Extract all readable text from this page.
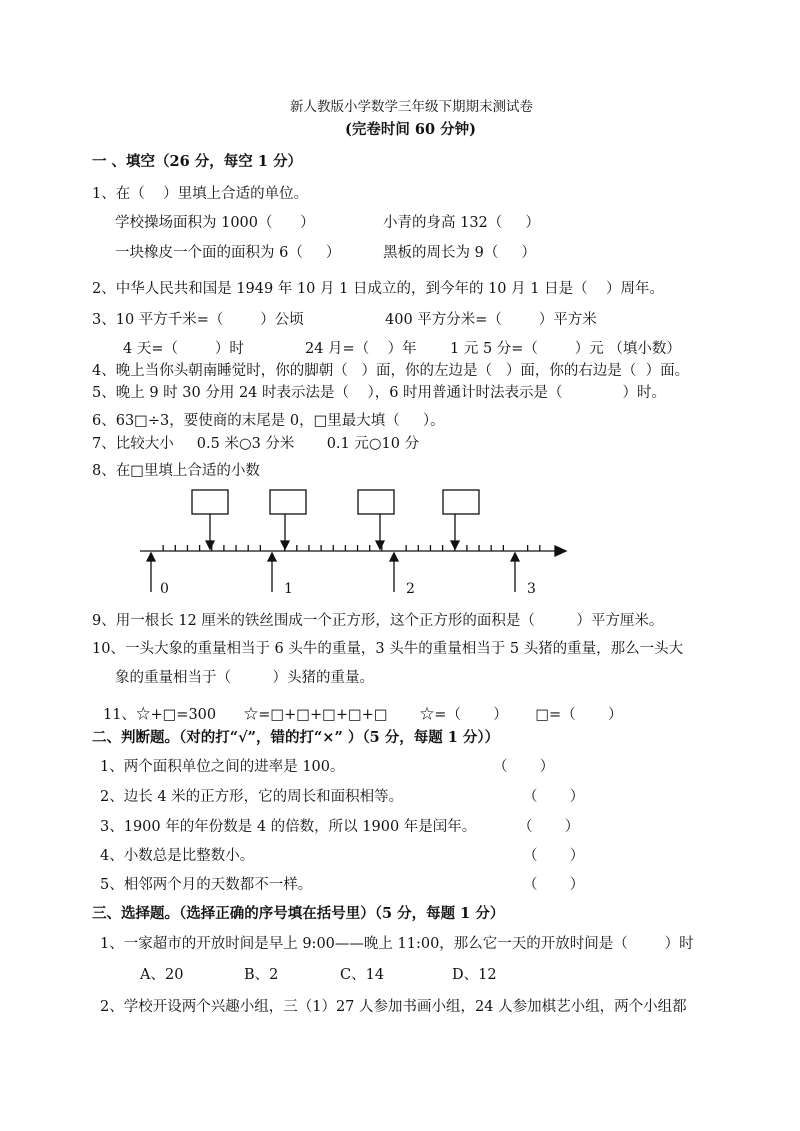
新人教版小学数学三年级下期期末测试卷
(完卷时间 60 分钟)
一 、填空（26 分，每空 1 分）
1、在（    ）里填上合适的单位。
学校操场面积为 1000（      ）	小青的身高 132（     ）
一块橡皮一个面的面积为 6（     ）	黑板的周长为 9（     ）
2、中华人民共和国是 1949 年 10 月 1 日成立的，到今年的 10 月 1 日是（    ）周年。
3、10 平方千米=（        ）公顷	400 平方分米=（        ）平方米
4 天=（        ）时	24 月=（    ）年 1 元 5 分=（        ）元 （填小数）
4、晚上当你头朝南睡觉时，你的脚朝（   ）面，你的左边是（   ）面，你的右边是（  ）面。
5、晚上 9 时 30 分用 24 时表示法是（    ），6 时用普通计时法表示是（             ）时。
6、63□÷3，要使商的末尾是 0，□里最大填（     ）。
7、比较大小     0.5 米○3 分米       0.1 元○10 分
8、在□里填上合适的小数
0	1	2	3
9、用一根长 12 厘米的铁丝围成一个正方形，这个正方形的面积是（         ）平方厘米。
10、一头大象的重量相当于 6 头牛的重量，3 头牛的重量相当于 5 头猪的重量，那么一头大
象的重量相当于（         ）头猪的重量。
11、☆+□=300      ☆=□+□+□+□+□       ☆=（       ）      □=（       ）
二、判断题。（对的打“√”，错的打“×” ）（5 分，每题 1 分））
1、两个面积单位之间的进率是 100。	（       ）
2、边长 4 米的正方形，它的周长和面积相等。	（       ）
3、1900 年的年份数是 4 的倍数，所以 1900 年是闰年。	（       ）
4、小数总是比整数小。	（       ）
5、相邻两个月的天数都不一样。	（       ）
三、选择题。（选择正确的序号填在括号里）（5 分，每题 1 分）
1、一家超市的开放时间是早上 9:00——晚上 11:00，那么它一天的开放时间是（        ）时
A、20	B、2	C、14	D、12
2、学校开设两个兴趣小组，三（1）27 人参加书画小组，24 人参加棋艺小组，两个小组都
